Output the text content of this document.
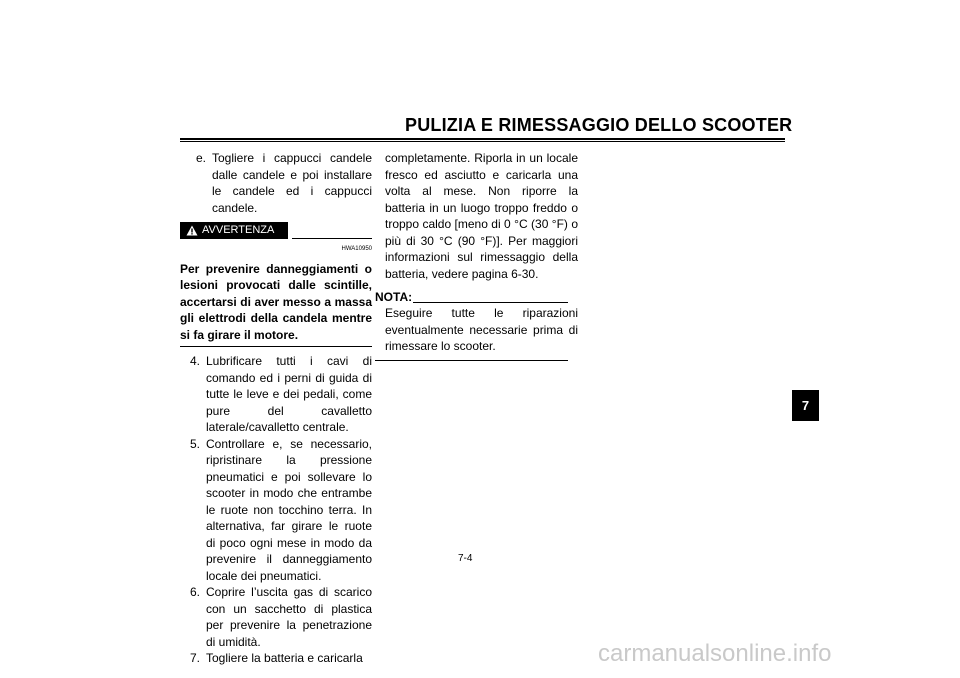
PULIZIA E RIMESSAGGIO DELLO SCOOTER
e. Togliere i cappucci candele dalle candele e poi installare le candele ed i cappucci candele.
AVVERTENZA
HWA10950
Per prevenire danneggiamenti o lesioni provocati dalle scintille, accertarsi di aver messo a massa gli elettrodi della candela mentre si fa girare il motore.
4. Lubrificare tutti i cavi di comando ed i perni di guida di tutte le leve e dei pedali, come pure del cavalletto laterale/cavalletto centrale.
5. Controllare e, se necessario, ripristinare la pressione pneumatici e poi sollevare lo scooter in modo che entrambe le ruote non tocchino terra. In alternativa, far girare le ruote di poco ogni mese in modo da prevenire il danneggiamento locale dei pneumatici.
6. Coprire l’uscita gas di scarico con un sacchetto di plastica per prevenire la penetrazione di umidità.
7. Togliere la batteria e caricarla

completamente. Riporla in un locale fresco ed asciutto e caricarla una volta al mese. Non riporre la batteria in un luogo troppo freddo o troppo caldo [meno di 0 °C (30 °F) o più di 30 °C (90 °F)]. Per maggiori informazioni sul rimessaggio della batteria, vedere pagina 6-30.

NOTA:

Eseguire tutte le riparazioni eventualmente necessarie prima di rimessare lo scooter.

7-4
7
carmanualsonline.info
